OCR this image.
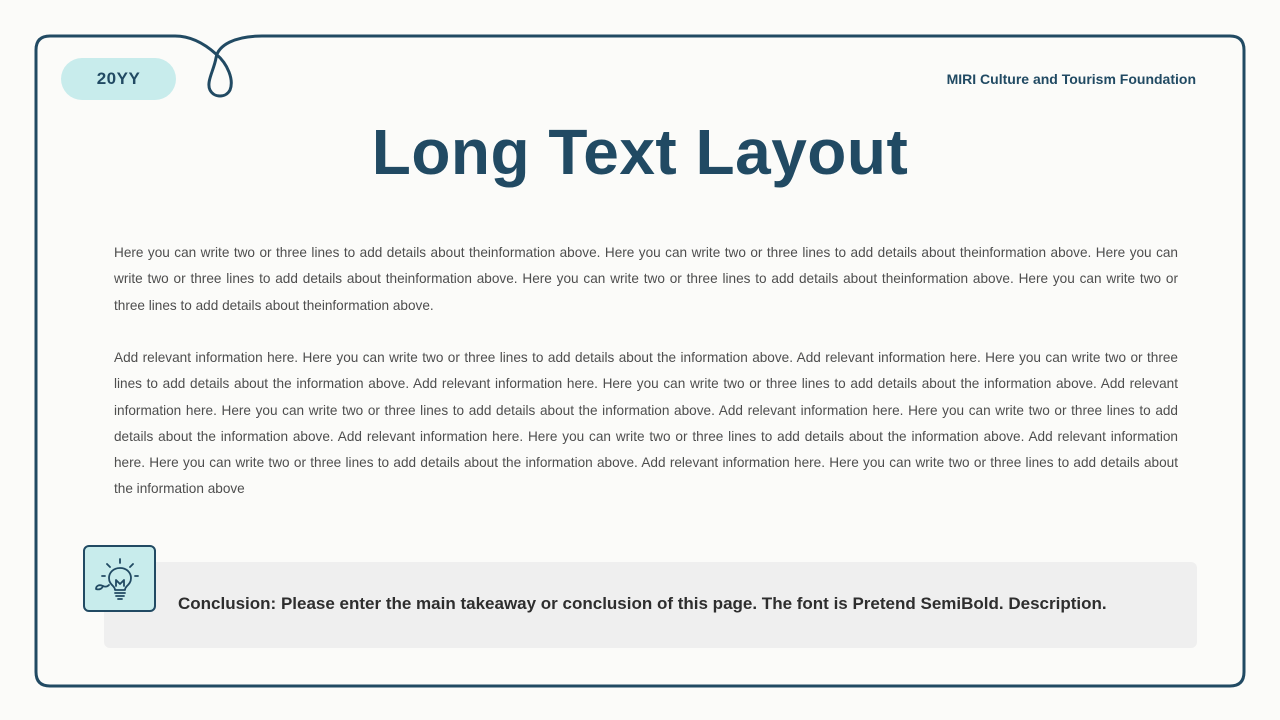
20YY	MIRI Culture and Tourism Foundation
Long Text Layout

Here you can write two or three lines to add details about theinformation above. Here you can write two or three lines to add details about theinformation above. Here you can write two or three lines to add details about theinformation above. Here you can write two or three lines to add details about theinformation above. Here you can write two or three lines to add details about theinformation above.

Add relevant information here. Here you can write two or three lines to add details about the information above. Add relevant information here. Here you can write two or three lines to add details about the information above. Add relevant information here. Here you can write two or three lines to add details about the information above. Add relevant information here. Here you can write two or three lines to add details about the information above. Add relevant information here. Here you can write two or three lines to add details about the information above. Add relevant information here. Here you can write two or three lines to add details about the information above. Add relevant information here. Here you can write two or three lines to add details about the information above. Add relevant information here. Here you can write two or three lines to add details about the information above

Conclusion: Please enter the main takeaway or conclusion of this page. The font is Pretend SemiBold. Description.
